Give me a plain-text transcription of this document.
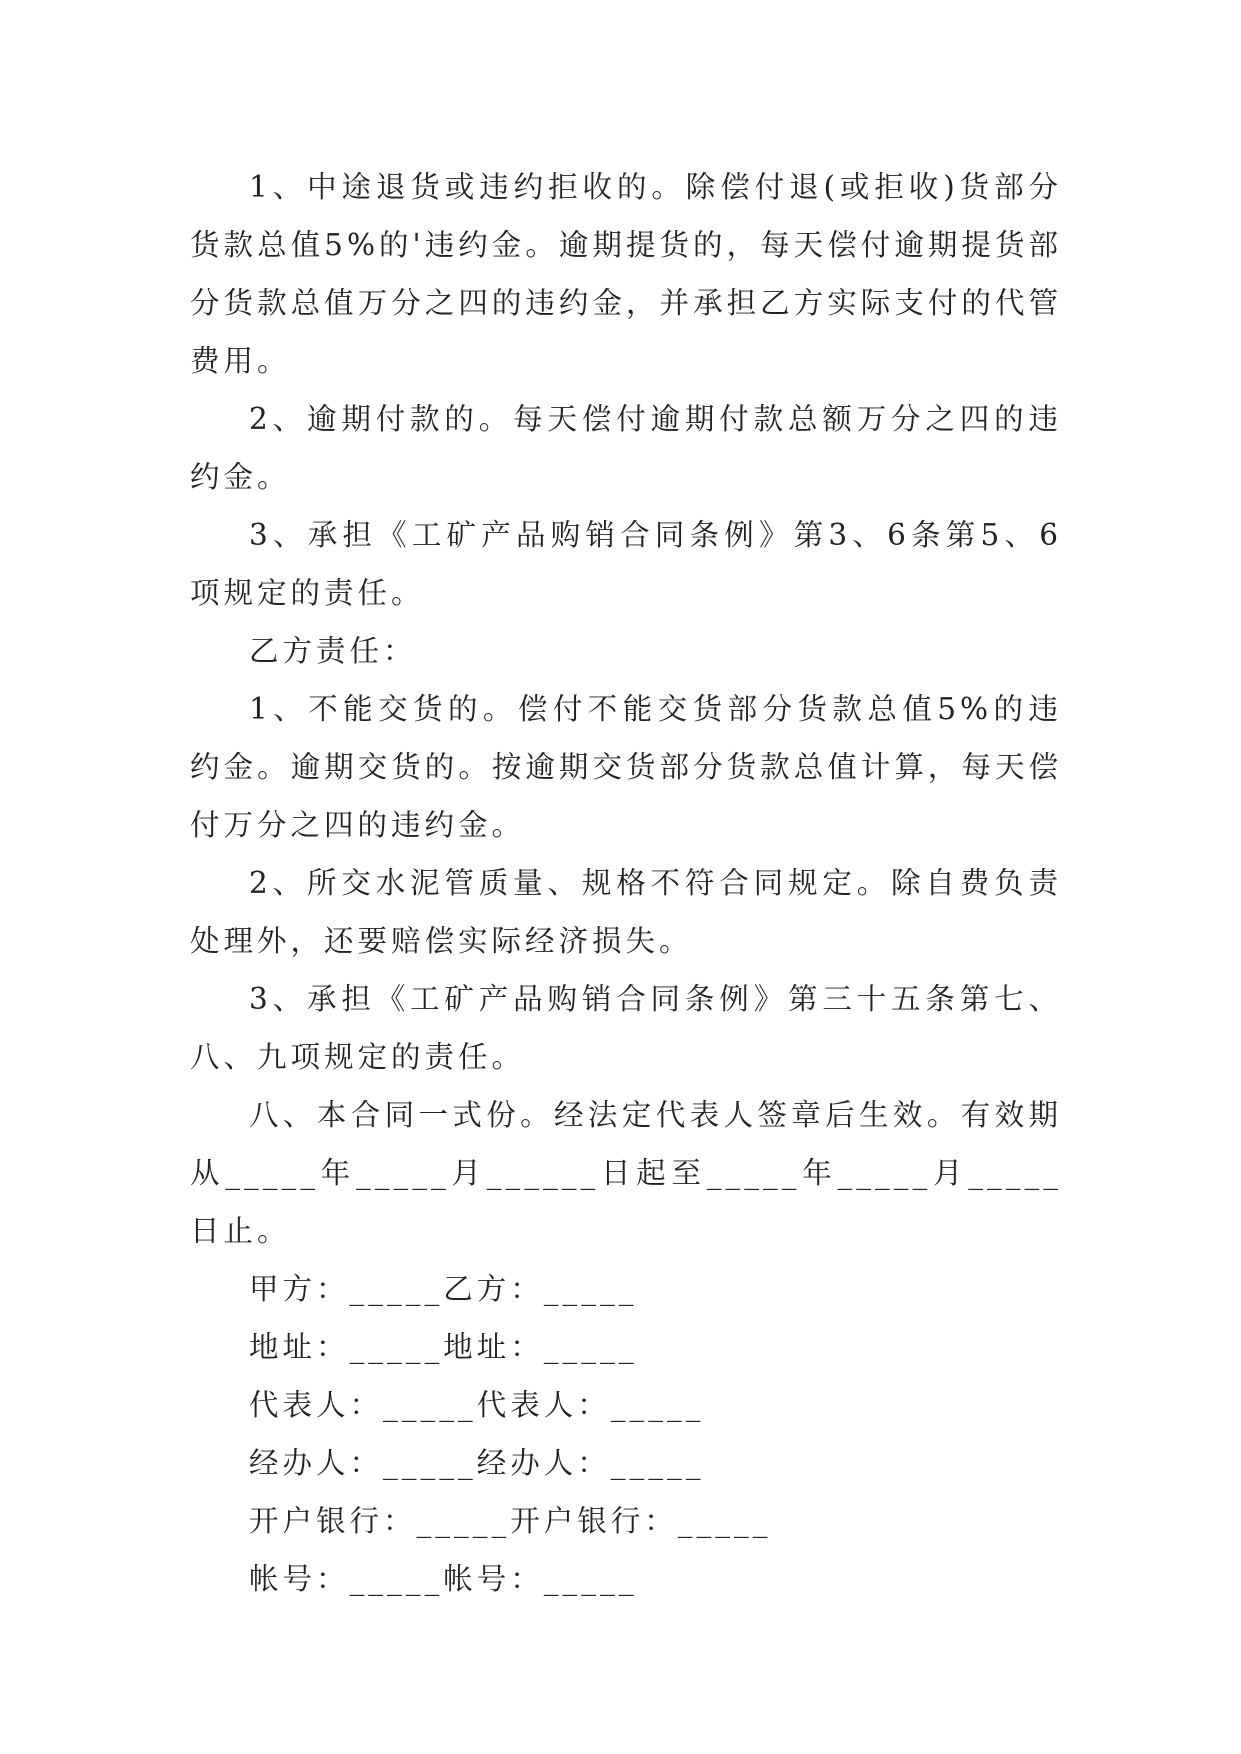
1、中途退货或违约拒收的。除偿付退(或拒收)货部分货款总值5%的'违约金。逾期提货的，每天偿付逾期提货部分货款总值万分之四的违约金，并承担乙方实际支付的代管费用。

2、逾期付款的。每天偿付逾期付款总额万分之四的违约金。

3、承担《工矿产品购销合同条例》第3、6条第5、6项规定的责任。

乙方责任：

1、不能交货的。偿付不能交货部分货款总值5%的违约金。逾期交货的。按逾期交货部分货款总值计算，每天偿付万分之四的违约金。

2、所交水泥管质量、规格不符合同规定。除自费负责处理外，还要赔偿实际经济损失。

3、承担《工矿产品购销合同条例》第三十五条第七、八、九项规定的责任。

八、本合同一式份。经法定代表人签章后生效。有效期从_____年_____月______日起至_____年_____月_____日止。

甲方：_____乙方：_____

地址：_____地址：_____

代表人：_____代表人：_____

经办人：_____经办人：_____

开户银行：_____开户银行：_____

帐号：_____帐号：_____
